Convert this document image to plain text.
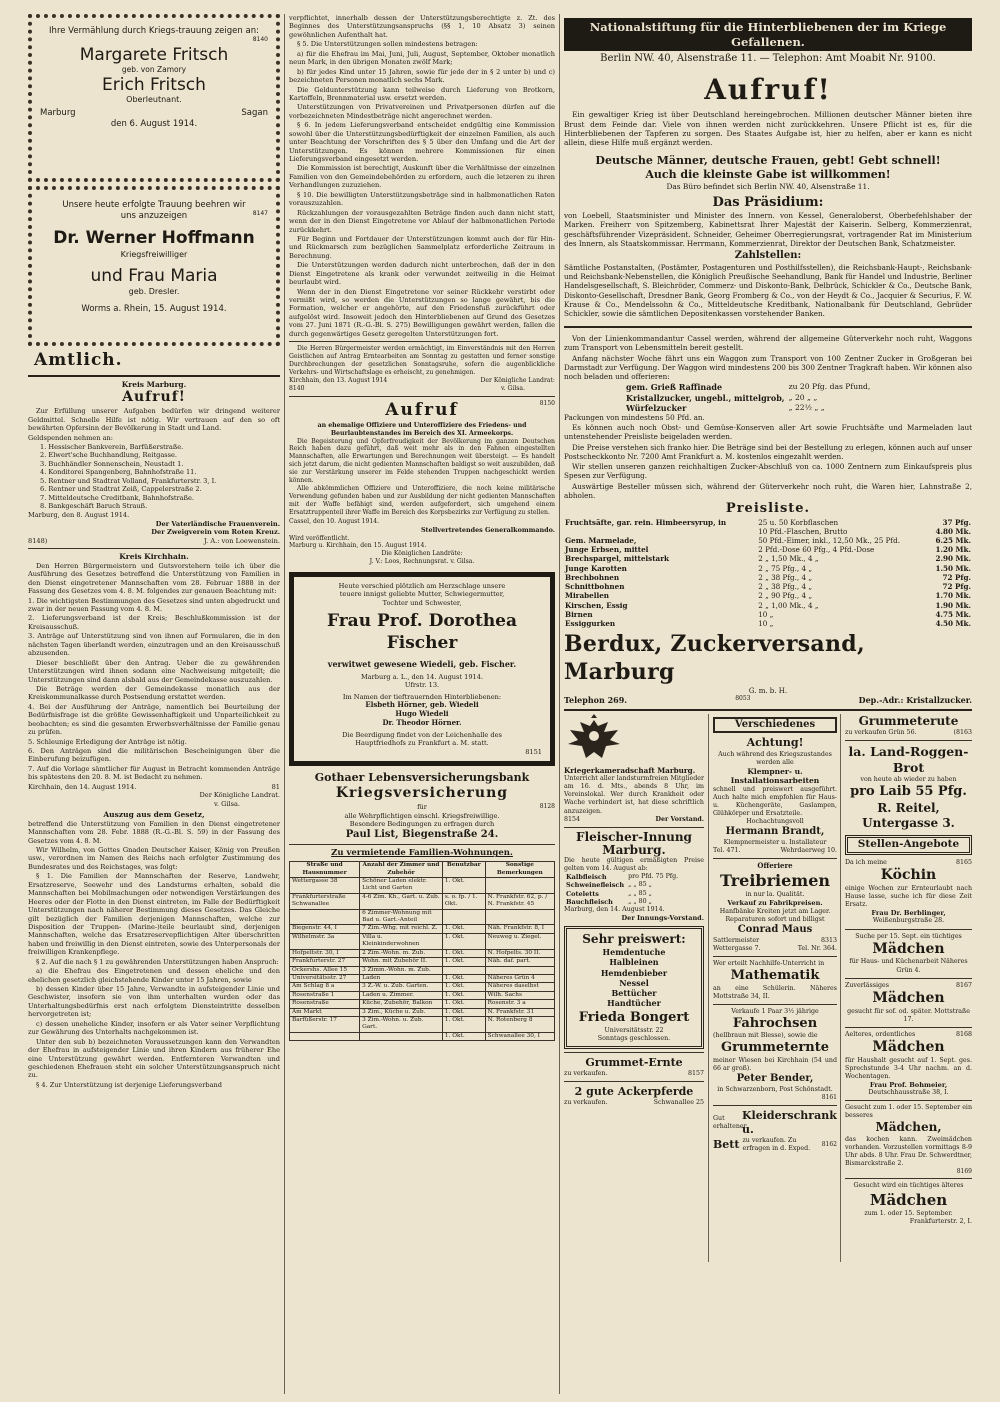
Ihre Vermählung durch Kriegs-trauung zeigen an:
8140
Margarete Fritsch
geb. von Zamory
Erich Fritsch
Oberleutnant.
Marburg	Sagan
den 6. August 1914.
Unsere heute erfolgte Trauung beehren wir uns anzuzeigen	8147
Dr. Werner Hoffmann
Kriegsfreiwilliger
und Frau Maria
geb. Dresler.
Worms a. Rhein, 15. August 1914.
Amtlich.
Kreis Marburg.
Aufruf!

Zur Erfüllung unserer Aufgaben bedürfen wir dringend weiterer Geldmittel. Schnelle Hilfe ist nötig. Wir vertrauen auf den so oft bewährten Opfersinn der Bevölkerung in Stadt und Land.

Geldspenden nehmen an:

1. Hessischer Bankverein, Barfüßerstraße.
2. Elwert'sche Buchhandlung, Reitgasse.
3. Buchhändler Sonnenschein, Neustadt 1.
4. Konditorei Spangenberg, Bahnhofstraße 11.
5. Rentner und Stadtrat Volland, Frankfurterstr. 3, I.
6. Rentner und Stadtrat Zeiß, Cappelerstraße 2.
7. Mitteldeutsche Creditbank, Bahnhofstraße.
8. Bankgeschäft Baruch Strauß.

Marburg, den 8. August 1914.

Der Vaterländische Frauenverein.
Der Zweigverein vom Roten Kreuz.
8148)	J. A.: von Loewenstein.
Kreis Kirchhain.

Den Herren Bürgermeistern und Gutsvorstehern teile ich über die Ausführung des Gesetzes betreffend die Unterstützung von Familien in den Dienst eingetretener Mannschaften vom 28. Februar 1888 in der Fassung des Gesetzes vom 4. 8. M. folgendes zur genauen Beachtung mit:

1. Die wichtigsten Bestimmungen des Gesetzes sind unten abgedruckt und zwar in der neuen Fassung vom 4. 8. M.

2. Lieferungsverband ist der Kreis; Beschlußkommission ist der Kreisausschuß.

3. Anträge auf Unterstützung sind von ihnen auf Formularen, die in den nächsten Tagen überlandt werden, einzutragen und an den Kreisausschuß abzusenden.

Dieser beschließt über den Antrag. Ueber die zu gewährenden Unterstützungen wird ihnen sodann eine Nachweisung mitgeteilt; die Unterstützungen sind dann alsbald aus der Gemeindekasse auszuzahlen.

Die Beträge werden der Gemeindekasse monatlich aus der Kreiskommunalkasse durch Postsendung erstattet werden.

4. Bei der Ausführung der Anträge, namentlich bei Beurteilung der Bedürfnisfrage ist die größte Gewissenhaftigkeit und Unparteilichkeit zu beobachten; es sind die gesamten Erwerbsverhältnisse der Familie genau zu prüfen.

5. Schleunige Erledigung der Anträge ist nötig.

6. Den Anträgen sind die militärischen Bescheinigungen über die Einberufung beizufügen.

7. Auf die Vorlage sämtlicher für August in Betracht kommenden Anträge bis spätestens den 20. 8. M. ist Bedacht zu nehmen.

Kirchhain, den 14. August 1914.	81
Der Königliche Landrat.
v. Gilsa.
Auszug aus dem Gesetz,

betreffend die Unterstützung von Familien in den Dienst eingetretener Mannschaften vom 28. Febr. 1888 (R.-G.-Bl. S. 59) in der Fassung des Gesetzes vom 4. 8. M.

Wir Wilhelm, von Gottes Gnaden Deutscher Kaiser, König von Preußen usw., verordnen im Namen des Reichs nach erfolgter Zustimmung des Bundesrates und des Reichstages, was folgt:

§ 1. Die Familien der Mannschaften der Reserve, Landwehr, Ersatzreserve, Seewehr und des Landsturms erhalten, sobald die Mannschaften bei Mobilmachungen oder notwendigen Verstärkungen des Heeres oder der Flotte in den Dienst eintreten, im Falle der Bedürftigkeit Unterstützungen nach näherer Bestimmung dieses Gesetzes. Das Gleiche gilt bezüglich der Familien derjenigen Mannschaften, welche zur Disposition der Truppen- (Marine-)teile beurlaubt sind, derjenigen Mannschaften, welche das Ersatzreservepflichtigen Alter überschritten haben und freiwillig in den Dienst eintreten, sowie des Unterpersonals der freiwilligen Krankenpflege.

§ 2. Auf die nach § 1 zu gewährenden Unterstützungen haben Anspruch:

a) die Ehefrau des Eingetretenen und dessen eheliche und den ehelichen gesetzlich gleichstehende Kinder unter 15 Jahren, sowie

b) dessen Kinder über 15 Jahre, Verwandte in aufsteigender Linie und Geschwister, insofern sie von ihm unterhalten wurden oder das Unterhaltungsbedürfnis erst nach erfolgtem Diensteintritte desselben hervorgetreten ist;

c) dessen uneheliche Kinder, insofern er als Vater seiner Verpflichtung zur Gewährung des Unterhalts nachgekommen ist.

Unter den sub b) bezeichneten Voraussetzungen kann den Verwandten der Ehefrau in aufsteigender Linie und ihren Kindern aus früherer Ehe eine Unterstützung gewährt werden. Entfernteren Verwandten und geschiedenen Ehefrauen steht ein solcher Unterstützungsanspruch nicht zu.

§ 4. Zur Unterstützung ist derjenige Lieferungsverband

verpflichtet, innerhalb dessen der Unterstützungsberechtigte z. Zt. des Beginnes des Unterstützungsanspruchs (§§ 1, 10 Absatz 3) seinen gewöhnlichen Aufenthalt hat.

§ 5. Die Unterstützungen sollen mindestens betragen:

a) für die Ehefrau im Mai, Juni, Juli, August, September, Oktober monatlich neun Mark, in den übrigen Monaten zwölf Mark;

b) für jedes Kind unter 15 Jahren, sowie für jede der in § 2 unter b) und c) bezeichneten Personen monatlich sechs Mark.

Die Geldunterstützung kann teilweise durch Lieferung von Brotkorn, Kartoffeln, Brennmaterial usw. ersetzt werden.

Unterstützungen von Privatvereinen und Privatpersonen dürfen auf die vorbezeichneten Mindestbeträge nicht angerechnet werden.

§ 6. In jedem Lieferungsverband entscheidet endgültig eine Kommission sowohl über die Unterstützungsbedürftigkeit der einzelnen Familien, als auch unter Beachtung der Vorschriften des § 5 über den Umfang und die Art der Unterstützungen. Es können mehrere Kommissionen für einen Lieferungsverband eingesetzt werden.

Die Kommission ist berechtigt, Auskunft über die Verhältnisse der einzelnen Familien von den Gemeindebehörden zu erfordern, auch die letzeren zu ihren Verhandlungen zuzuziehen.

§ 10. Die bewilligten Unterstützungsbeträge sind in halbmonatlichen Raten vorauszuzahlen.

Rückzahlungen der vorausgezahlten Beträge finden auch dann nicht statt, wenn der in den Dienst Eingetretene vor Ablauf der halbmonatlichen Periode zurückkehrt.

Für Beginn und Fortdauer der Unterstützungen kommt auch der für Hin- und Rückmarsch zum bezüglichen Sammelplatz erforderliche Zeitraum in Berechnung.

Die Unterstützungen werden dadurch nicht unterbrochen, daß der in den Dienst Eingetretene als krank oder verwundet zeitweilig in die Heimat beurlaubt wird.

Wenn der in den Dienst Eingetretene vor seiner Rückkehr verstirbt oder vermißt wird, so werden die Unterstützungen so lange gewährt, bis die Formation, welcher er angehörte, auf den Friedensfuß zurückführt oder aufgelöst wird. Insoweit jedoch den Hinterbliebenen auf Grund des Gesetzes vom 27. Juni 1871 (R.-G.-Bl. S. 275) Bewilligungen gewährt werden, fallen die durch gegenwärtiges Gesetz geregelten Unterstützungen fort.

Die Herren Bürgermeister werden ermächtigt, im Einverständnis mit den Herren Geistlichen auf Antrag Erntearbeiten am Sonntag zu gestatten und ferner sonstige Durchbrechungen der gesetzlichen Sonntagsruhe, sofern die augenblickliche Verkehrs- und Wirtschaftslage es erheischt, zu genehmigen.

Kirchhain, den 13. August 1914	Der Königliche Landrat:
8140	v. Gilsa.
Aufruf	8150
an ehemalige Offiziere und Unteroffiziere des Friedens- und Beurlaubtenstandes im Bereich des XI. Armeekorps.

Die Begeisterung und Opferfreudigkeit der Bevölkerung im ganzen Deutschen Reich haben dazu geführt, daß weit mehr als in den Fahnen eingestellten Mannschaften, alle Erwartungen und Berechnungen weit übersteigt. — Es handelt sich jetzt darum, die nicht gedienten Mannschaften baldigst so weit auszubilden, daß sie zur Verstärkung unserer im Felde stehenden Truppen nachgeschickt werden können.

Alle abkömmlichen Offiziere und Unteroffiziere, die noch keine militärische Verwendung gefunden haben und zur Ausbildung der nicht gedienten Mannschaften mit der Waffe befähigt sind, werden aufgefordert, sich umgehend einem Ersatztruppenteil ihrer Waffe im Bereich des Korpsbezirks zur Verfügung zu stellen.

Cassel, den 10. August 1914.

Stellvertretendes Generalkommando.
Wird veröffentlicht.
Marburg u. Kirchhain, den 15. August 1914.
Die Königlichen Landräte:
J. V.: Loos, Rechnungsrat. v. Gilsa.
Heute verschied plötzlich am Herzschlage unsere teuere innigst geliebte Mutter, Schwiegermutter, Tochter und Schwester,
Frau Prof. Dorothea Fischer
verwitwet gewesene Wiedeli, geb. Fischer.
Marburg a. L., den 14. August 1914.
Ufrstr. 13.
Im Namen der tieftrauernden Hinterbliebenen:
Elsbeth Hörner, geb. Wiedeli
Hugo Wiedeli
Dr. Theodor Hörner.
Die Beerdigung findet von der Leichenhalle des Hauptfriedhofs zu Frankfurt a. M. statt.
8151
Gothaer Lebensversicherungsbank
Kriegsversicherung
für	8128
alle Wehrpflichtigen einschl. Kriegsfreiwillige.
Besondere Bedingungen zu erfragen durch
Paul List, Biegenstraße 24.
Zu vermietende Familien-Wohnungen.
Straße und Hausnummer	Anzahl der Zimmer und Zubehör	Benutzbar	Sonstige Bemerkungen
Wettergasse 38	Schöner Laden elektr. Licht und Garten	1. Okt.	
Frankfurterstraße Schwanallee	4-6 Zim. Kh., Gart. u. Zub.	s. o. fp. / 1. Okt.	N. Frankfstr. 62, p. / N. Frankfstr. 45
	6 Zimmer-Wohnung mit Bad u. Gart.-Anteil		
Biegenstr. 44, I	7 Zim.-Whg. mit reichl. Z.	1. Okt.	Näh. Frankfstr. 8, I
Wilhelmstr. 3a	Villa u. Kleinkinderwohnen	1. Okt.	Neuweg u. Ziegel.
Hofpeltstr. 30, I	2 Zim.-Wohn. m. Zub.	1. Okt.	N. Hofpelts. 30 II.
Frankfurterstr. 27	Wohn. mit Zubehör II.	1. Okt.	Näh. daf. part.
Ockershs. Allee 15	3 Zimm.-Wohn. m. Zub.		
Universitätsstr. 27	Laden	1. Okt.	Näheres Grün 4
Am Schlag 8 a	3 Z.-W. u. Zub. Garten.	1. Okt.	Näheres daselbst
Rosenstraße 1	Laden u. Zimmer.	1. Okt.	Wilh. Sachs
Rosenstraße	Küche, Zubehör, Balkon	1. Okt.	Rosenstr. 3 a
Am Markt	3 Zim., Küche u. Zub.	1. Okt.	N. Frankfstr. 31
Barfüßerstr. 17	3 Zim.-Wohn. u. Zub. Gart.	1. Okt.	N. Rotenberg 8
		1. Okt.	Schwanallee 30, I
Nationalstiftung für die Hinterbliebenen der im Kriege Gefallenen.
Berlin NW. 40, Alsenstraße 11. — Telephon: Amt Moabit Nr. 9100.
Aufruf!

Ein gewaltiger Krieg ist über Deutschland hereingebrochen. Millionen deutscher Männer bieten ihre Brust dem Feinde dar. Viele von ihnen werden nicht zurückkehren. Unsere Pflicht ist es, für die Hinterbliebenen der Tapferen zu sorgen. Des Staates Aufgabe ist, hier zu helfen, aber er kann es nicht allein, diese Hilfe muß ergänzt werden.

Deutsche Männer, deutsche Frauen, gebt! Gebt schnell!
Auch die kleinste Gabe ist willkommen!
Das Büro befindet sich Berlin NW. 40, Alsenstraße 11.
Das Präsidium:

von Loebell, Staatsminister und Minister des Innern. von Kessel, Generaloberst, Oberbefehlshaber der Marken. Freiherr von Spitzemberg, Kabinettsrat Ihrer Majestät der Kaiserin. Selberg, Kommerzienrat, geschäftsführender Vizepräsident. Schneider, Geheimer Oberregierungsrat, vortragender Rat im Ministerium des Innern, als Staatskommissar. Herrmann, Kommerzienrat, Direktor der Deutschen Bank, Schatzmeister.

Zahlstellen:

Sämtliche Postanstalten, (Postämter, Postagenturen und Posthilfsstellen), die Reichsbank-Haupt-, Reichsbank- und Reichsbank-Nebenstellen, die Königlich Preußische Seehandlung, Bank für Handel und Industrie, Berliner Handelsgesellschaft, S. Bleichröder, Commerz- und Diskonto-Bank, Delbrück, Schickler & Co., Deutsche Bank, Diskonto-Gesellschaft, Dresdner Bank, Georg Fromberg & Co., von der Heydt & Co., Jacquier & Securius, F. W. Krause & Co., Mendelssohn & Co., Mitteldeutsche Kreditbank, Nationalbank für Deutschland, Gebrüder Schickler, sowie die sämtlichen Depositenkassen vorstehender Banken.

Von der Linienkommandantur Cassel werden, während der allgemeine Güterverkehr noch ruht, Waggons zum Transport von Lebensmitteln bereit gestellt.

Anfang nächster Woche fährt uns ein Waggon zum Transport von 100 Zentner Zucker in Großgeran bei Darmstadt zur Verfügung. Der Waggon wird mindestens 200 bis 300 Zentner Tragkraft haben. Wir können also noch beladen und offerieren:

gem. Grieß Raffinade	zu 20 Pfg. das Pfund,
Kristallzucker, ungebl., mittelgrob,	„ 20 „ „
Würfelzucker	„ 22½ „ „

Packungen von mindestens 50 Pfd. an.

Es können auch noch Obst- und Gemüse-Konserven aller Art sowie Fruchtsäfte und Marmeladen laut untenstehender Preisliste beigeladen werden.

Die Preise verstehen sich franko hier. Die Beträge sind bei der Bestellung zu erlegen, können auch auf unser Postscheckkonto Nr. 7200 Amt Frankfurt a. M. kostenlos eingezahlt werden.

Wir stellen unseren ganzen reichhaltigen Zucker-Abschluß von ca. 1000 Zentnern zum Einkaufspreis plus Spesen zur Verfügung.

Auswärtige Besteller müssen sich, während der Güterverkehr noch ruht, die Waren hier, Lahnstraße 2, abholen.

Preisliste.
Fruchtsäfte, gar. rein. Himbeersyrup, in	25 u. 50 Korbflaschen	37 Pfg.
	10 Pfd.-Flaschen, Brutto	4.80 Mk.
Gem. Marmelade,	50 Pfd.-Eimer, inkl., 12,50 Mk., 25 Pfd.	6.25 Mk.
Junge Erbsen, mittel	2 Pfd.-Dose 60 Pfg., 4 Pfd.-Dose	1.20 Mk.
Brechspargel, mittelstark	2 „ 1,50 Mk., 4 „	2.90 Mk.
Junge Karotten	2 „ 75 Pfg., 4 „	1.50 Mk.
Brechbohnen	2 „ 38 Pfg., 4 „	72 Pfg.
Schnittbohnen	2 „ 38 Pfg., 4 „	72 Pfg.
Mirabellen	2 „ 90 Pfg., 4 „	1.70 Mk.
Kirschen, Essig	2 „ 1,00 Mk., 4 „	1.90 Mk.
Birnen	10 „	4.75 Mk.
Essiggurken	10 „	4.50 Mk.
Berdux, Zuckerversand, Marburg
G. m. b. H.
Telephon 269.	8053	Dep.-Adr.: Kristallzucker.
Kriegerkameradschaft Marburg.
Unterricht aller landsturmfreien Mitglieder am 16. d. Mts., abends 8 Uhr, im Vereinslokal. Wer durch Krankheit oder Wache verhindert ist, hat diese schriftlich anzuzeigen.
8154	Der Vorstand.
Fleischer-Innung Marburg.
Die heute gültigen ermäßigten Preise gelten vom 14. August ab:
Kalbfleisch	pro Pfd. 75 Pfg.
Schweinefleisch	„ „ 85 „
Coteletts	„ „ 85 „
Bauchfleisch	„ „ 80 „
Marburg, den 14. August 1914.
Der Innungs-Vorstand.
Sehr preiswert:
Hemdentuche
Halbleinen
Hemdenbieber
Nessel
Bettücher
Handtücher
Frieda Bongert
Universitätsstr. 22
Sonntags geschlossen.
Grummet-Ernte
zu verkaufen.	8157
2 gute Ackerpferde
zu verkaufen.	Schwanallee 25
Verschiedenes
Achtung!
Auch während des Kriegszustandes werden alle
Klempner- u. Installationsarbeiten
schnell und preiswert ausgeführt. Auch halte mich empfohlen für Haus- u. Küchengeräte, Gaslampen, Glühkörper und Ersatzteile.
Hochachtungsvoll
Hermann Brandt,
Klempnermeister u. Installateur
Tel. 471.	Wehrdaerweg 10.
Offeriere
Treibriemen
in nur la. Qualität.
Verkauf zu Fabrikpreisen.
Hanfbänke Kreiten jetzt am Lager.
Reparaturen sofort und billigst
Conrad Maus
Sattlermeister	8313
Wettergasse 7.	Tel. Nr. 364.
Wer erteilt Nachhilfe-Unterricht in
Mathematik
an eine Schülerin. Näheres Mottstraße 34, II.
Verkaufe 1 Paar 3½ jährige
Fahrochsen
(hellbraun mit Blesse), sowie die
Grummeternte
meiner Wiesen bei Kirchhain (54 und 66 ar groß).
Peter Bender,
in Schwarzenborn, Post Schönstadt.
8161
Gut erhaltener
Kleiderschrank u.
Bett zu verkaufen. Zu erfragen in d. Exped.
8162
Grummeterute
zu verkaufen Grün 56.	(8163
la. Land-Roggen-Brot
von heute ab wieder zu haben
pro Laib 55 Pfg.
R. Reitel, Untergasse 3.
Stellen-Angebote
Da ich meine	8165
Köchin
einige Wochen zur Ernteurlaubt nach Hause lasse, suche ich für diese Zeit Ersatz.
Frau Dr. Berblinger,
Weißenburgstraße 28.
Suche per 15. Sept. ein tüchtiges
Mädchen
für Haus- und Küchenarbeit Näheres Grün 4.
Zuverlässiges	8167
Mädchen
gesucht für sof. od. später. Mottstraße 17.
Aelteres, ordentliches	8168
Mädchen
für Haushalt gesucht auf 1. Sept. ges. Sprechstunde 3-4 Uhr nachm. an d. Wochentagen.
Frau Prof. Bohmeier,
Deutschhausstraße 38, I.
Gesucht zum 1. oder 15. September ein besseres
Mädchen,
das kochen kann. Zweimädchen vorhanden. Vorzustellen vormittags 8-9 Uhr abds. 8 Uhr. Frau Dr. Schwerdtner, Bismarckstraße 2.
8169
Gesucht wird ein tüchtiges älteres
Mädchen
zum 1. oder 15. September.
Frankfurterstr. 2, I.
